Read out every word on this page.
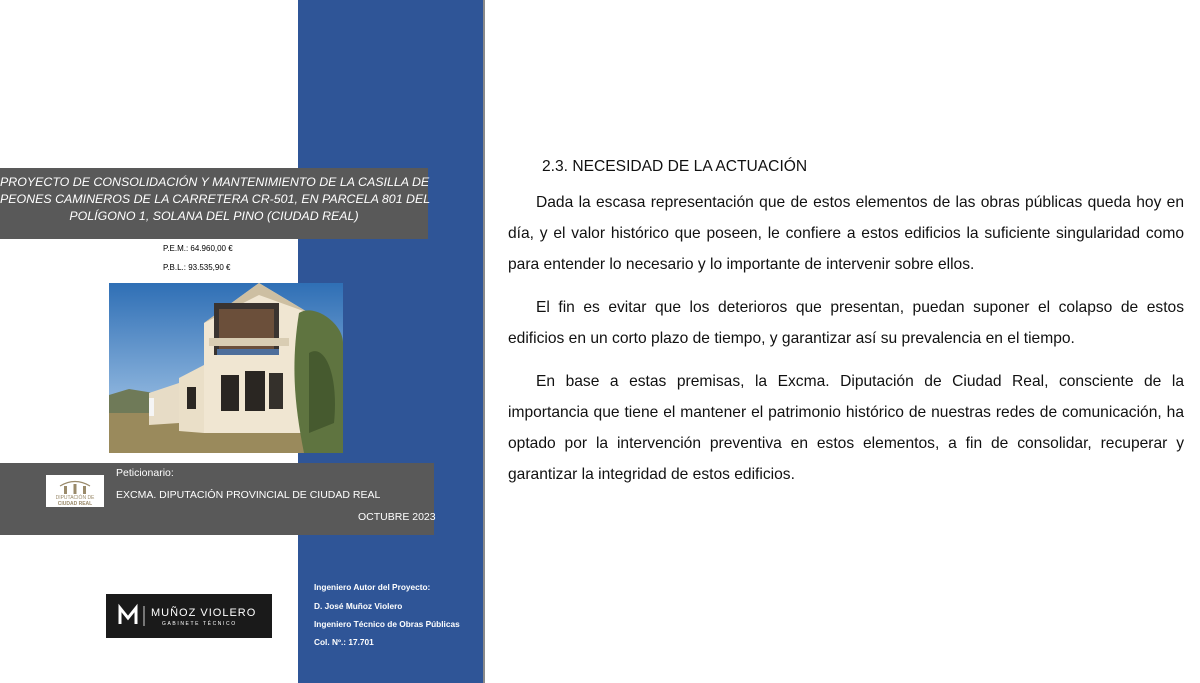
PROYECTO DE CONSOLIDACIÓN Y MANTENIMIENTO DE LA CASILLA DE
PEONES CAMINEROS DE LA CARRETERA CR-501, EN PARCELA 801 DEL
POLÍGONO 1, SOLANA DEL PINO (CIUDAD REAL)
P.E.M.: 64.960,00 €
P.B.L.: 93.535,90 €
DIPUTACIÓN DE
CIUDAD REAL
Peticionario:
EXCMA. DIPUTACIÓN PROVINCIAL DE CIUDAD REAL
OCTUBRE 2023
MUÑOZ VIOLERO
GABINETE TÉCNICO
Ingeniero Autor del Proyecto:
D. José Muñoz Violero
Ingeniero Técnico de Obras Públicas
Col. Nº.: 17.701
2.3. NECESIDAD DE LA ACTUACIÓN

Dada la escasa representación que de estos elementos de las obras públicas queda hoy en día, y el valor histórico que poseen, le confiere a estos edificios la suficiente singularidad como para entender lo necesario y lo importante de intervenir sobre ellos.

El fin es evitar que los deterioros que presentan, puedan suponer el colapso de estos edificios en un corto plazo de tiempo, y garantizar así su prevalencia en el tiempo.

En base a estas premisas, la Excma. Diputación de Ciudad Real, consciente de la importancia que tiene el mantener el patrimonio histórico de nuestras redes de comunicación, ha optado por la intervención preventiva en estos elementos, a fin de consolidar, recuperar y garantizar la integridad de estos edificios.
